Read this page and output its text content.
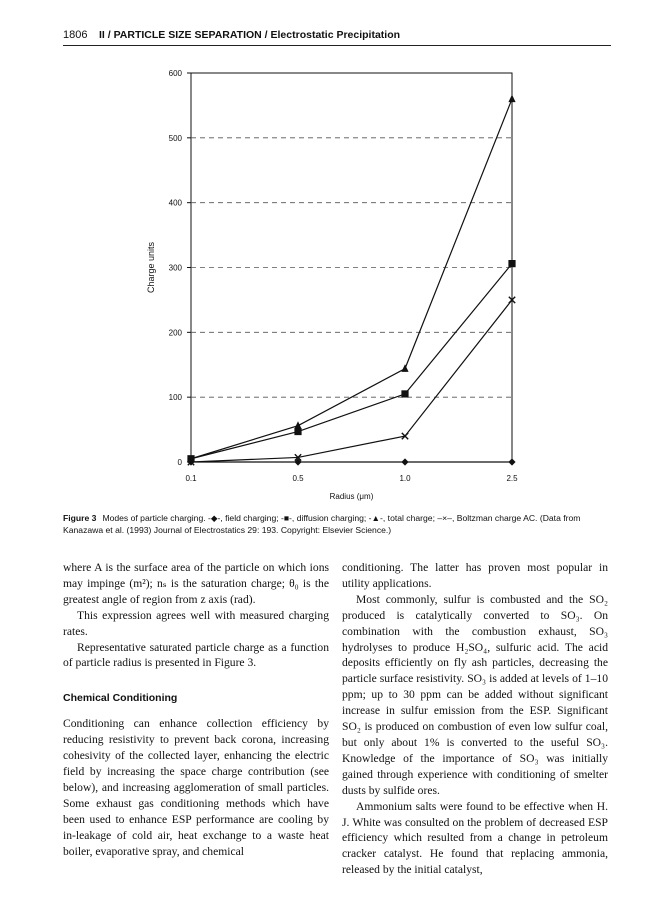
1806 II / PARTICLE SIZE SEPARATION / Electrostatic Precipitation
0
100
200
300
400
500
600
0.1	0.5	1.0	2.5
Radius (μm)
Charge units
Figure 3 Modes of particle charging. -◆-, field charging; -■-, diffusion charging; -▲-, total charge; –×–, Boltzman charge AC. (Data from Kanazawa et al. (1993) Journal of Electrostatics 29: 193. Copyright: Elsevier Science.)

where A is the surface area of the particle on which ions may impinge (m²); nₛ is the saturation charge; θ₀ is the greatest angle of region from z axis (rad).

This expression agrees well with measured charging rates.

Representative saturated particle charge as a function of particle radius is presented in Figure 3.

Chemical Conditioning

Conditioning can enhance collection efficiency by reducing resistivity to prevent back corona, increasing cohesivity of the collected layer, enhancing the electric field by increasing the space charge contribution (see below), and increasing agglomeration of small particles. Some exhaust gas conditioning methods which have been used to enhance ESP performance are cooling by in-leakage of cold air, heat exchange to a waste heat boiler, evaporative spray, and chemical

conditioning. The latter has proven most popular in utility applications.

Most commonly, sulfur is combusted and the SO₂ produced is catalytically converted to SO₃. On combination with the combustion exhaust, SO₃ hydrolyses to produce H₂SO₄, sulfuric acid. The acid deposits efficiently on fly ash particles, decreasing the particle surface resistivity. SO₃ is added at levels of 1–10 ppm; up to 30 ppm can be added without significant increase in sulfur emission from the ESP. Significant SO₂ is produced on combustion of even low sulfur coal, but only about 1% is converted to the useful SO₃. Knowledge of the importance of SO₃ was initially gained through experience with conditioning of smelter dusts by sulfide ores.

Ammonium salts were found to be effective when H. J. White was consulted on the problem of decreased ESP efficiency which resulted from a change in petroleum cracker catalyst. He found that replacing ammonia, released by the initial catalyst,
